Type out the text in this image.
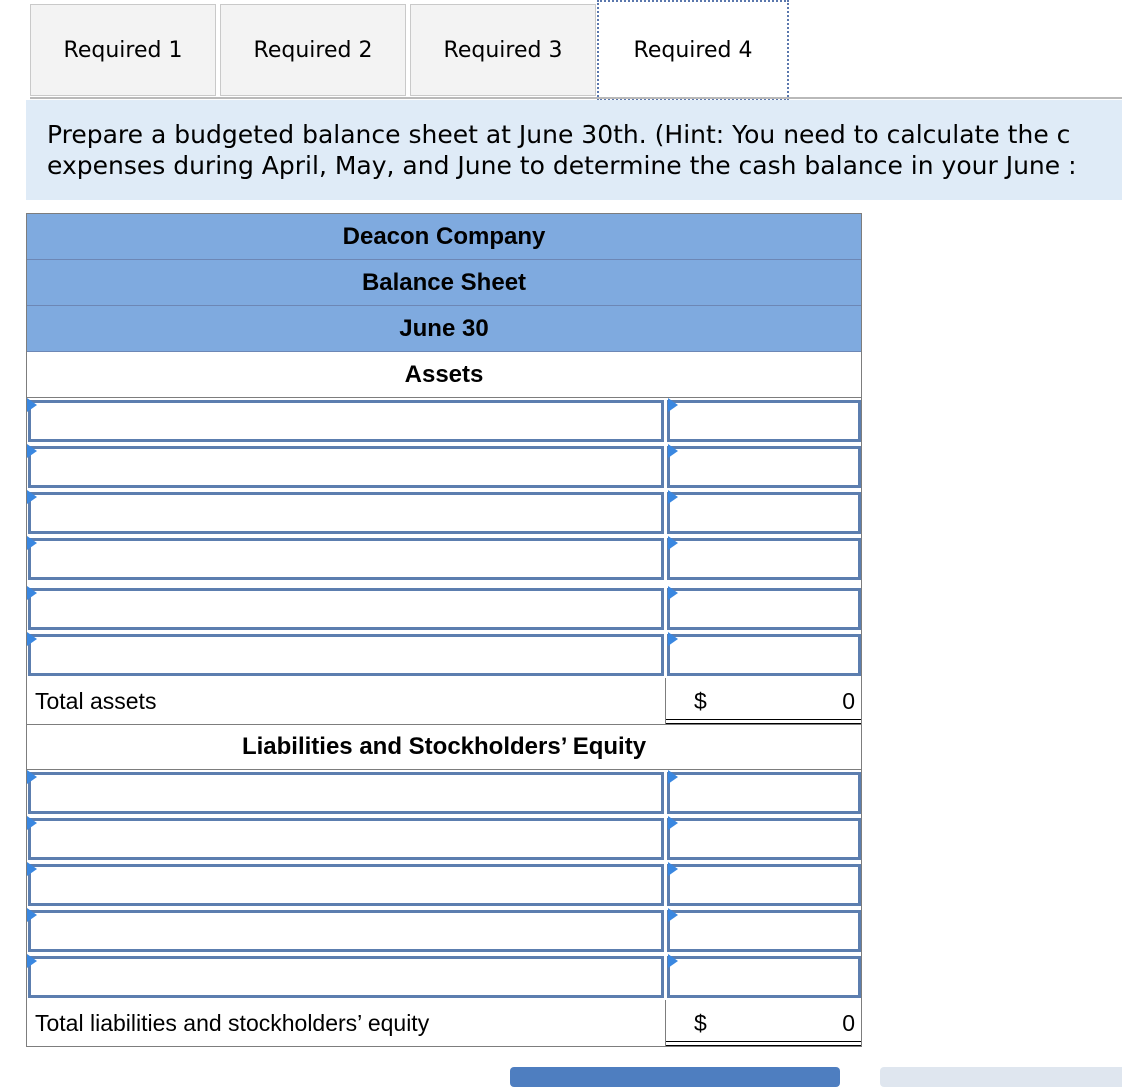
Required 1	Required 2	Required 3	Required 4
Prepare a budgeted balance sheet at June 30th. (Hint: You need to calculate the c
expenses during April, May, and June to determine the cash balance in your June :
Deacon Company
Balance Sheet
June 30
Assets
Total assets	$	0
Liabilities and Stockholders’ Equity
Total liabilities and stockholders’ equity	$	0
